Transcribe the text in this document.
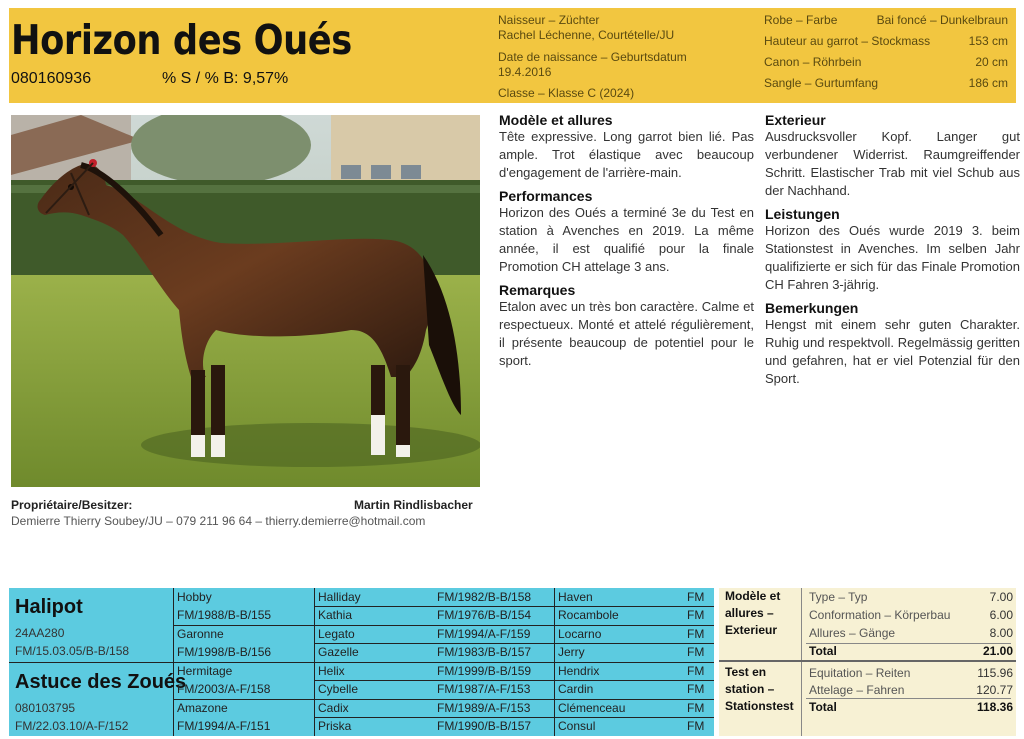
Horizon des Oués
080160936	% S / % B: 9,57%
Naisseur – Züchter
Rachel Léchenne, Courtételle/JU
Date de naissance – Geburtsdatum
19.4.2016
Classe – Klasse C (2024)
Robe – Farbe	Bai foncé – Dunkelbraun
Hauteur au garrot – Stockmass	153 cm
Canon – Röhrbein	20 cm
Sangle – Gurtumfang	186 cm
Propriétaire/Besitzer:	Martin Rindlisbacher
Demierre Thierry Soubey/JU – 079 211 96 64 – thierry.demierre@hotmail.com
Modèle et allures
Tête expressive. Long garrot bien lié. Pas ample. Trot élastique avec beaucoup d'engagement de l'arrière-main.
Performances
Horizon des Oués a terminé 3e du Test en station à Avenches en 2019. La même année, il est qualifié pour la finale Promotion CH attelage 3 ans.
Remarques
Etalon avec un très bon caractère. Calme et respectueux. Monté et attelé régulièrement, il présente beaucoup de potentiel pour le sport.
Exterieur
Ausdrucksvoller Kopf. Langer gut verbundener Widerrist. Raumgreiffender Schritt. Elastischer Trab mit viel Schub aus der Nachhand.
Leistungen
Horizon des Oués wurde 2019 3. beim Stationstest in Avenches. Im selben Jahr qualifizierte er sich für das Finale Promotion CH Fahren 3-jährig.
Bemerkungen
Hengst mit einem sehr guten Charakter. Ruhig und respektvoll. Regelmässig geritten und gefahren, hat er viel Potenzial für den Sport.
Halipot
24AA280
FM/15.03.05/B-B/158
Astuce des Zoués
080103795
FM/22.03.10/A-F/152
Hobby
FM/1988/B-B/155
Garonne
FM/1998/B-B/156
Hermitage
FM/2003/A-F/158
Amazone
FM/1994/A-F/151
Halliday	FM/1982/B-B/158
Kathia	FM/1976/B-B/154
Legato	FM/1994/A-F/159
Gazelle	FM/1983/B-B/157
Helix	FM/1999/B-B/159
Cybelle	FM/1987/A-F/153
Cadix	FM/1989/A-F/153
Priska	FM/1990/B-B/157
Haven	FM
Rocambole	FM
Locarno	FM
Jerry	FM
Hendrix	FM
Cardin	FM
Clémenceau	FM
Consul	FM
Modèle et allures – Exterieur
Type – Typ	7.00
Conformation – Körperbau	6.00
Allures – Gänge	8.00
Total	21.00
Test en station – Stationstest
Equitation – Reiten	115.96
Attelage – Fahren	120.77
Total	118.36
